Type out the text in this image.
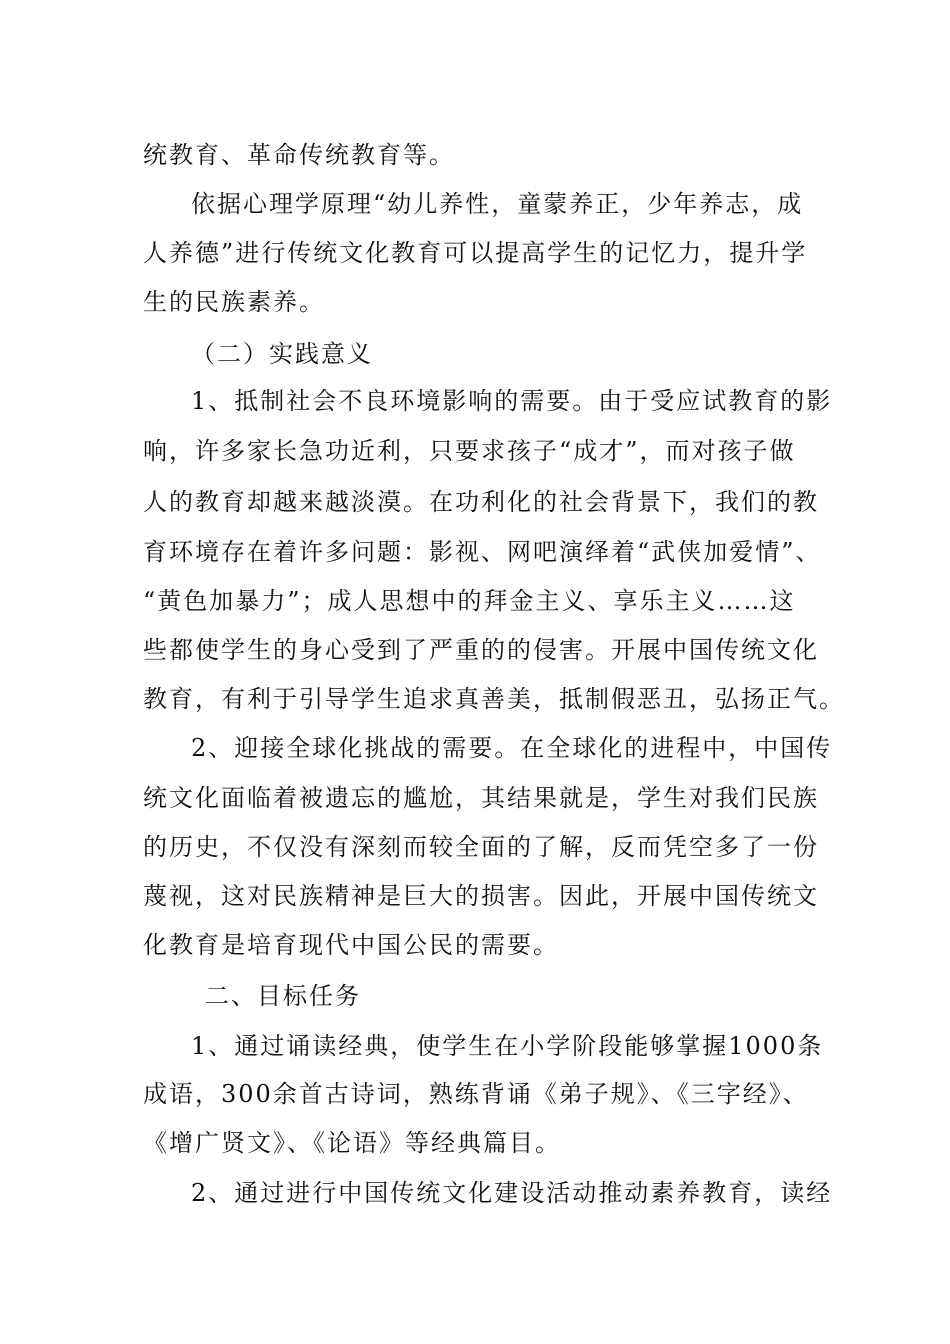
统教育、革命传统教育等。
依据心理学原理“幼儿养性，童蒙养正，少年养志，成
人养德”进行传统文化教育可以提高学生的记忆力，提升学
生的民族素养。
（二）实践意义
1、抵制社会不良环境影响的需要。由于受应试教育的影
响，许多家长急功近利，只要求孩子“成才”，而对孩子做
人的教育却越来越淡漠。在功利化的社会背景下，我们的教
育环境存在着许多问题：影视、网吧演绎着“武侠加爱情”、
“黄色加暴力”；成人思想中的拜金主义、享乐主义……这
些都使学生的身心受到了严重的的侵害。开展中国传统文化
教育，有利于引导学生追求真善美，抵制假恶丑，弘扬正气。
2、迎接全球化挑战的需要。在全球化的进程中，中国传
统文化面临着被遗忘的尴尬，其结果就是，学生对我们民族
的历史，不仅没有深刻而较全面的了解，反而凭空多了一份
蔑视，这对民族精神是巨大的损害。因此，开展中国传统文
化教育是培育现代中国公民的需要。
二、目标任务
1、通过诵读经典，使学生在小学阶段能够掌握1000条
成语，300余首古诗词，熟练背诵《弟子规》、《三字经》、
《增广贤文》、《论语》等经典篇目。
2、通过进行中国传统文化建设活动推动素养教育，读经
